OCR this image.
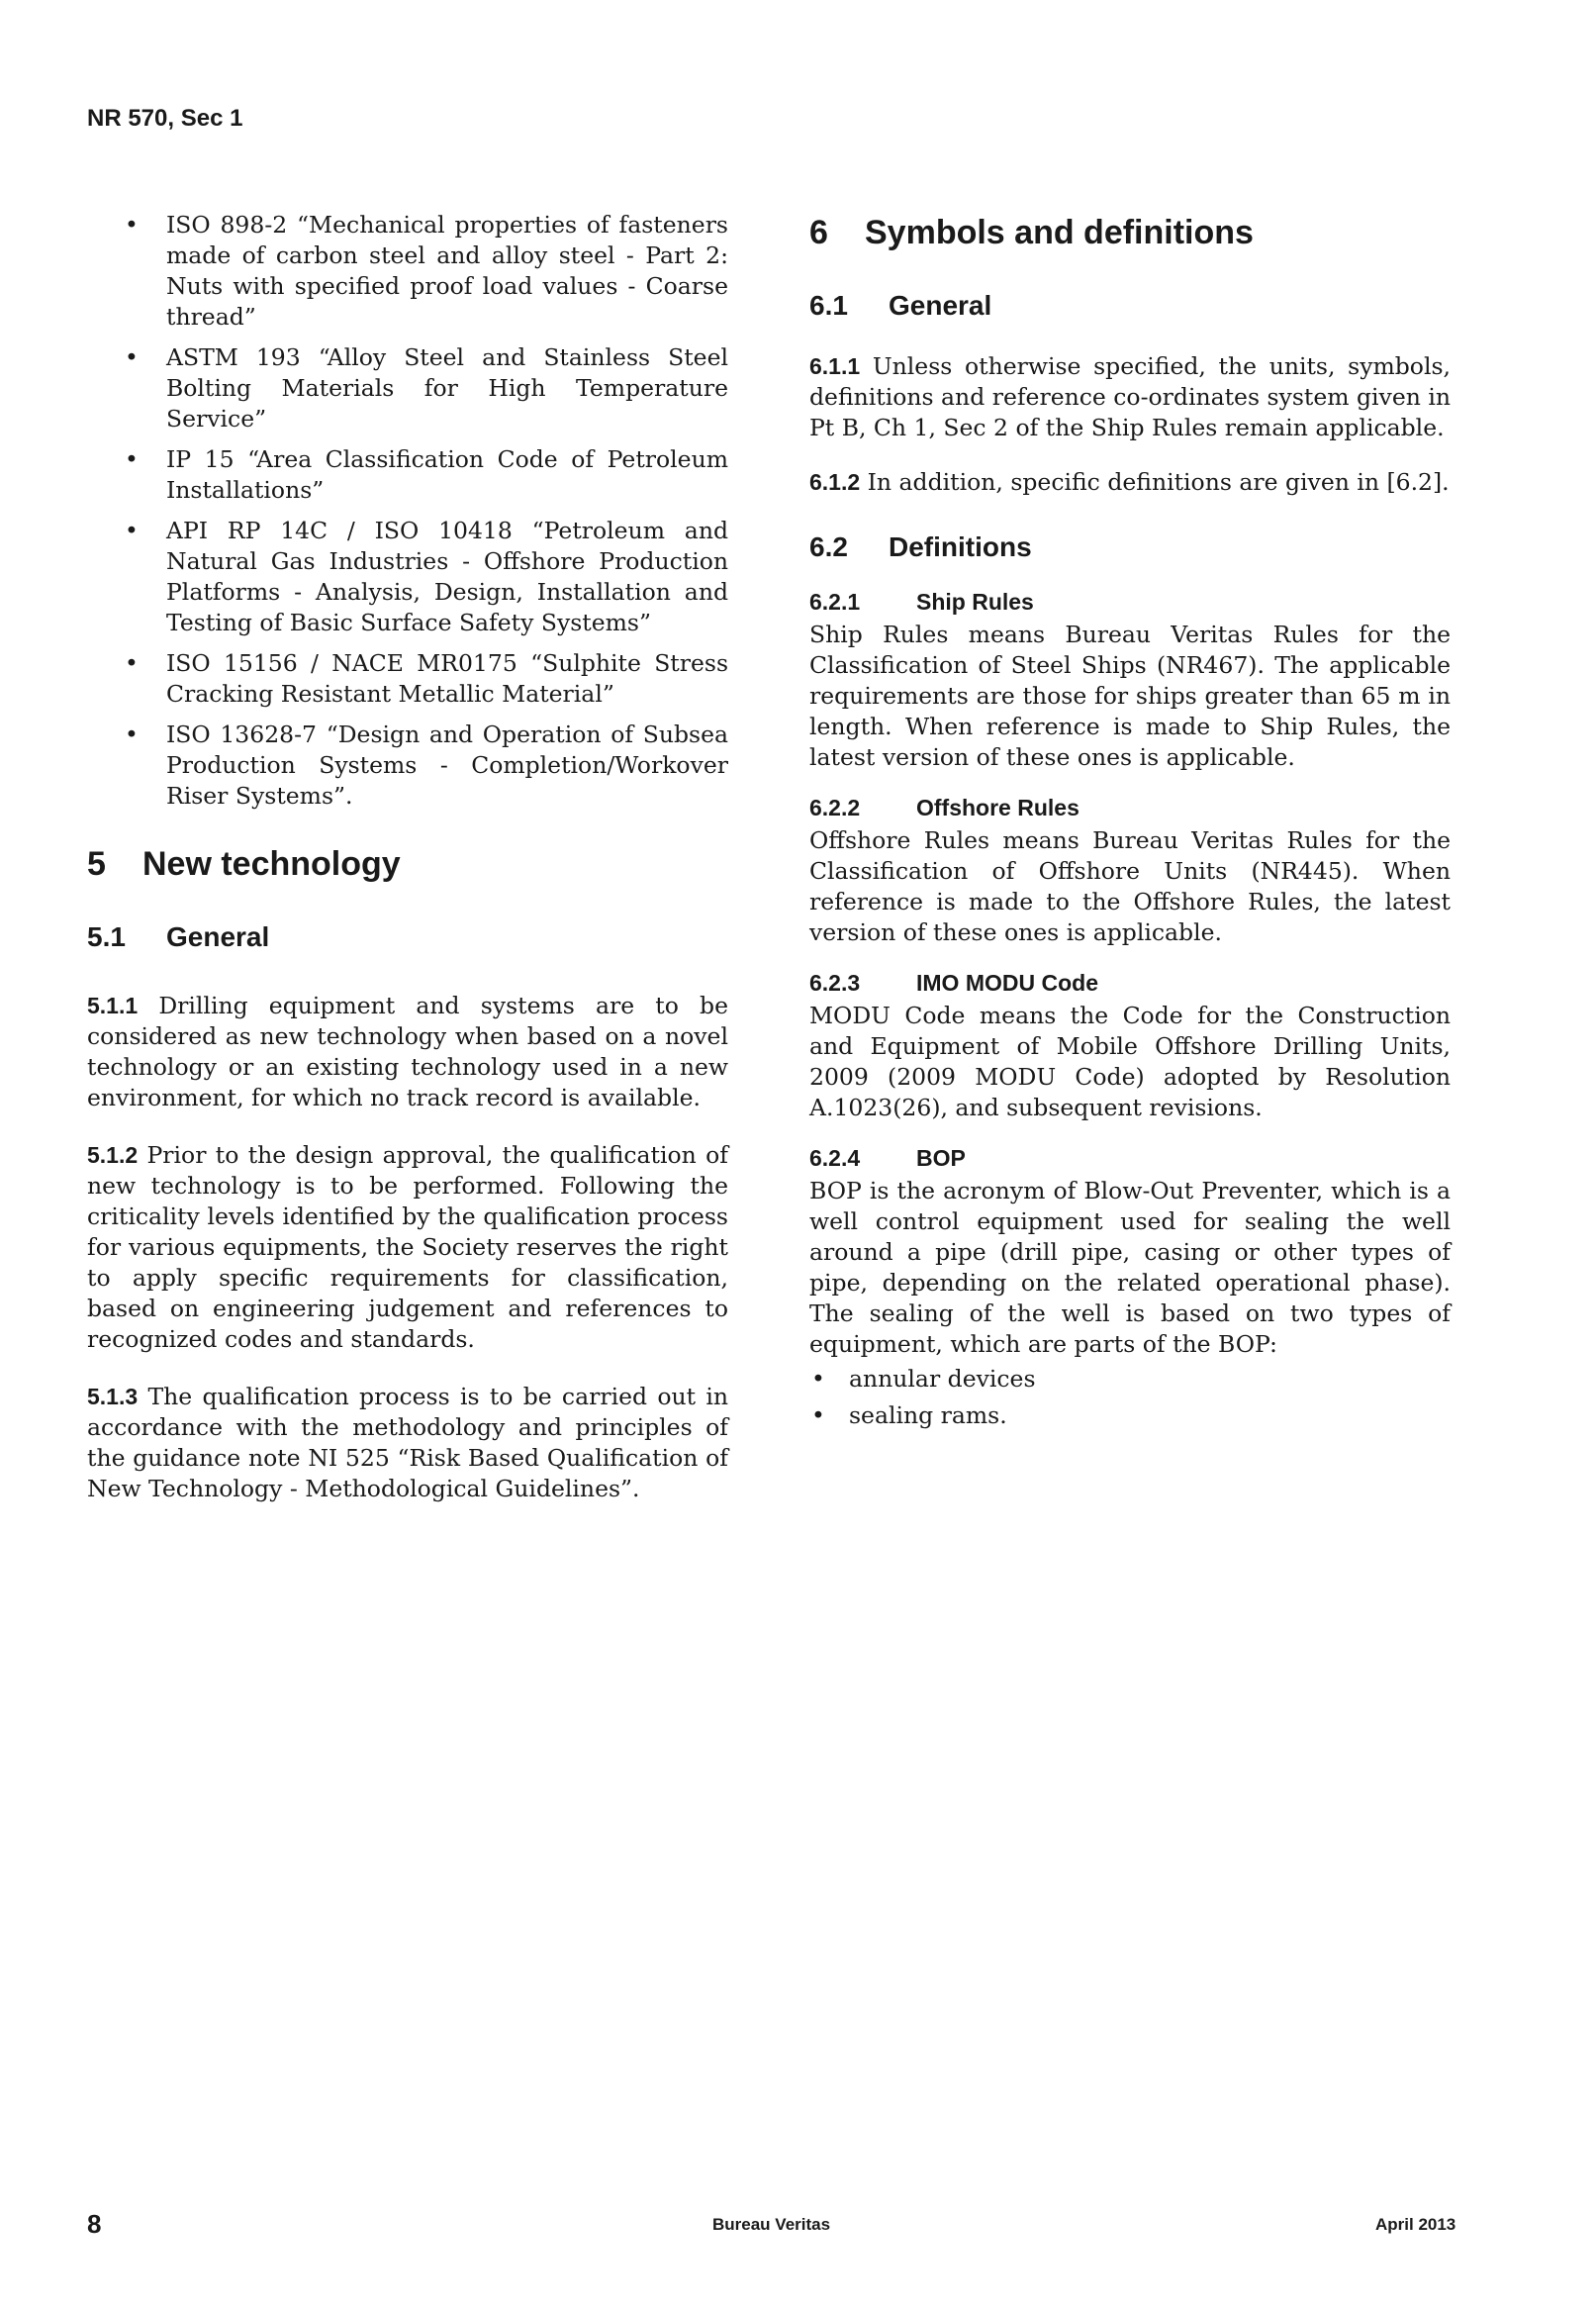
NR 570, Sec 1
• ISO 898-2 “Mechanical properties of fasteners made of carbon steel and alloy steel - Part 2: Nuts with specified proof load values - Coarse thread”
• ASTM 193 “Alloy Steel and Stainless Steel Bolting Materials for High Temperature Service”
• IP 15 “Area Classification Code of Petroleum Installations”
• API RP 14C / ISO 10418 “Petroleum and Natural Gas Industries - Offshore Production Platforms - Analysis, Design, Installation and Testing of Basic Surface Safety Systems”
• ISO 15156 / NACE MR0175 “Sulphite Stress Cracking Resistant Metallic Material”
• ISO 13628-7 “Design and Operation of Subsea Production Systems - Completion/Workover Riser Systems”.
5	New technology
5.1	General

5.1.1 Drilling equipment and systems are to be considered as new technology when based on a novel technology or an existing technology used in a new environment, for which no track record is available.

5.1.2 Prior to the design approval, the qualification of new technology is to be performed. Following the criticality levels identified by the qualification process for various equipments, the Society reserves the right to apply specific requirements for classification, based on engineering judgement and references to recognized codes and standards.

5.1.3 The qualification process is to be carried out in accordance with the methodology and principles of the guidance note NI 525 “Risk Based Qualification of New Technology - Methodological Guidelines”.

6	Symbols and definitions
6.1	General

6.1.1 Unless otherwise specified, the units, symbols, definitions and reference co-ordinates system given in Pt B, Ch 1, Sec 2 of the Ship Rules remain applicable.

6.1.2 In addition, specific definitions are given in [6.2].

6.2	Definitions
6.2.1	Ship Rules

Ship Rules means Bureau Veritas Rules for the Classification of Steel Ships (NR467). The applicable requirements are those for ships greater than 65 m in length. When reference is made to Ship Rules, the latest version of these ones is applicable.

6.2.2	Offshore Rules

Offshore Rules means Bureau Veritas Rules for the Classification of Offshore Units (NR445). When reference is made to the Offshore Rules, the latest version of these ones is applicable.

6.2.3	IMO MODU Code

MODU Code means the Code for the Construction and Equipment of Mobile Offshore Drilling Units, 2009 (2009 MODU Code) adopted by Resolution A.1023(26), and subsequent revisions.

6.2.4	BOP

BOP is the acronym of Blow-Out Preventer, which is a well control equipment used for sealing the well around a pipe (drill pipe, casing or other types of pipe, depending on the related operational phase). The sealing of the well is based on two types of equipment, which are parts of the BOP:

• annular devices
• sealing rams.
8	Bureau Veritas	April 2013
